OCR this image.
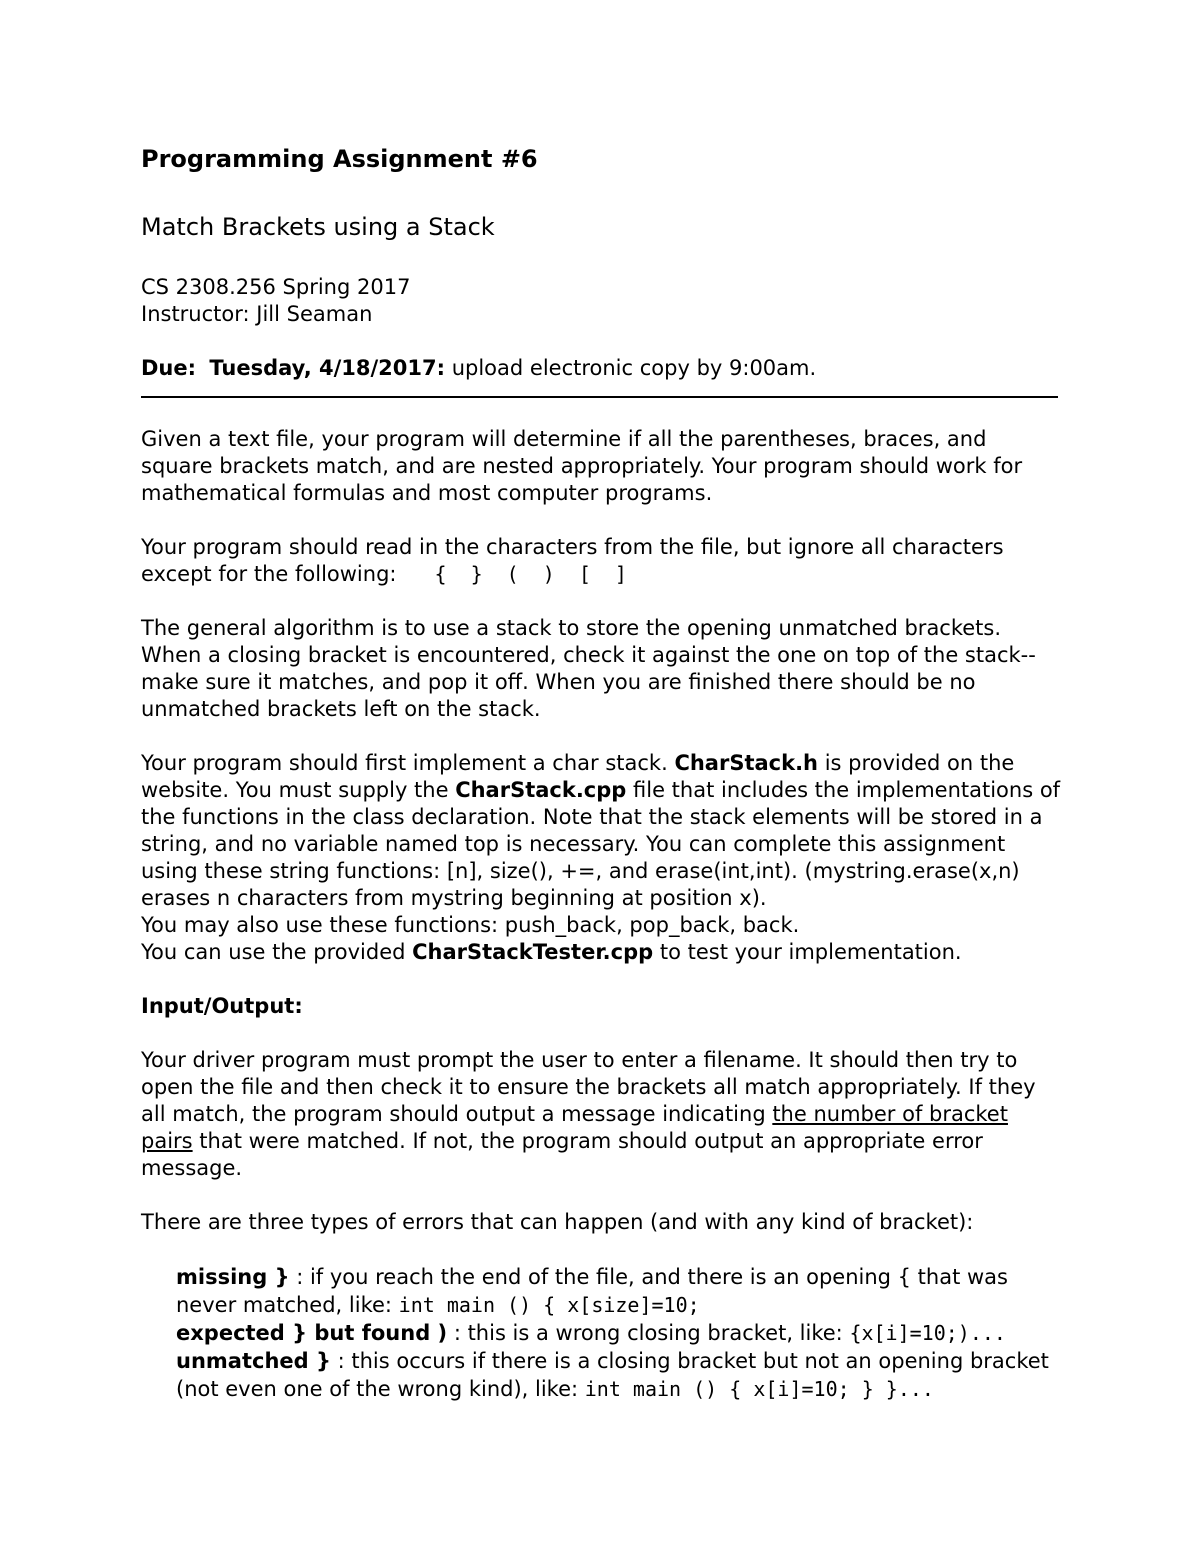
Programming Assignment #6
Match Brackets using a Stack

CS 2308.256 Spring 2017

Instructor: Jill Seaman

Due: Tuesday, 4/18/2017: upload electronic copy by 9:00am.

Given a text file, your program will determine if all the parentheses, braces, and square brackets match, and are nested appropriately. Your program should work for mathematical formulas and most computer programs.

Your program should read in the characters from the file, but ignore all characters except for the following: { } ( ) [ ]

The general algorithm is to use a stack to store the opening unmatched brackets. When a closing bracket is encountered, check it against the one on top of the stack--make sure it matches, and pop it off. When you are finished there should be no unmatched brackets left on the stack.

Your program should first implement a char stack. CharStack.h is provided on the website. You must supply the CharStack.cpp file that includes the implementations of the functions in the class declaration. Note that the stack elements will be stored in a string, and no variable named top is necessary. You can complete this assignment using these string functions: [n], size(), +=, and erase(int,int). (mystring.erase(x,n) erases n characters from mystring beginning at position x).

You may also use these functions: push_back, pop_back, back.

You can use the provided CharStackTester.cpp to test your implementation.

Input/Output:

Your driver program must prompt the user to enter a filename. It should then try to open the file and then check it to ensure the brackets all match appropriately. If they all match, the program should output a message indicating the number of bracket pairs that were matched. If not, the program should output an appropriate error message.

There are three types of errors that can happen (and with any kind of bracket):

missing } : if you reach the end of the file, and there is an opening { that was never matched, like: int main () { x[size]=10;

expected } but found ) : this is a wrong closing bracket, like: {x[i]=10;)...

unmatched } : this occurs if there is a closing bracket but not an opening bracket (not even one of the wrong kind), like: int main () { x[i]=10; } }...
